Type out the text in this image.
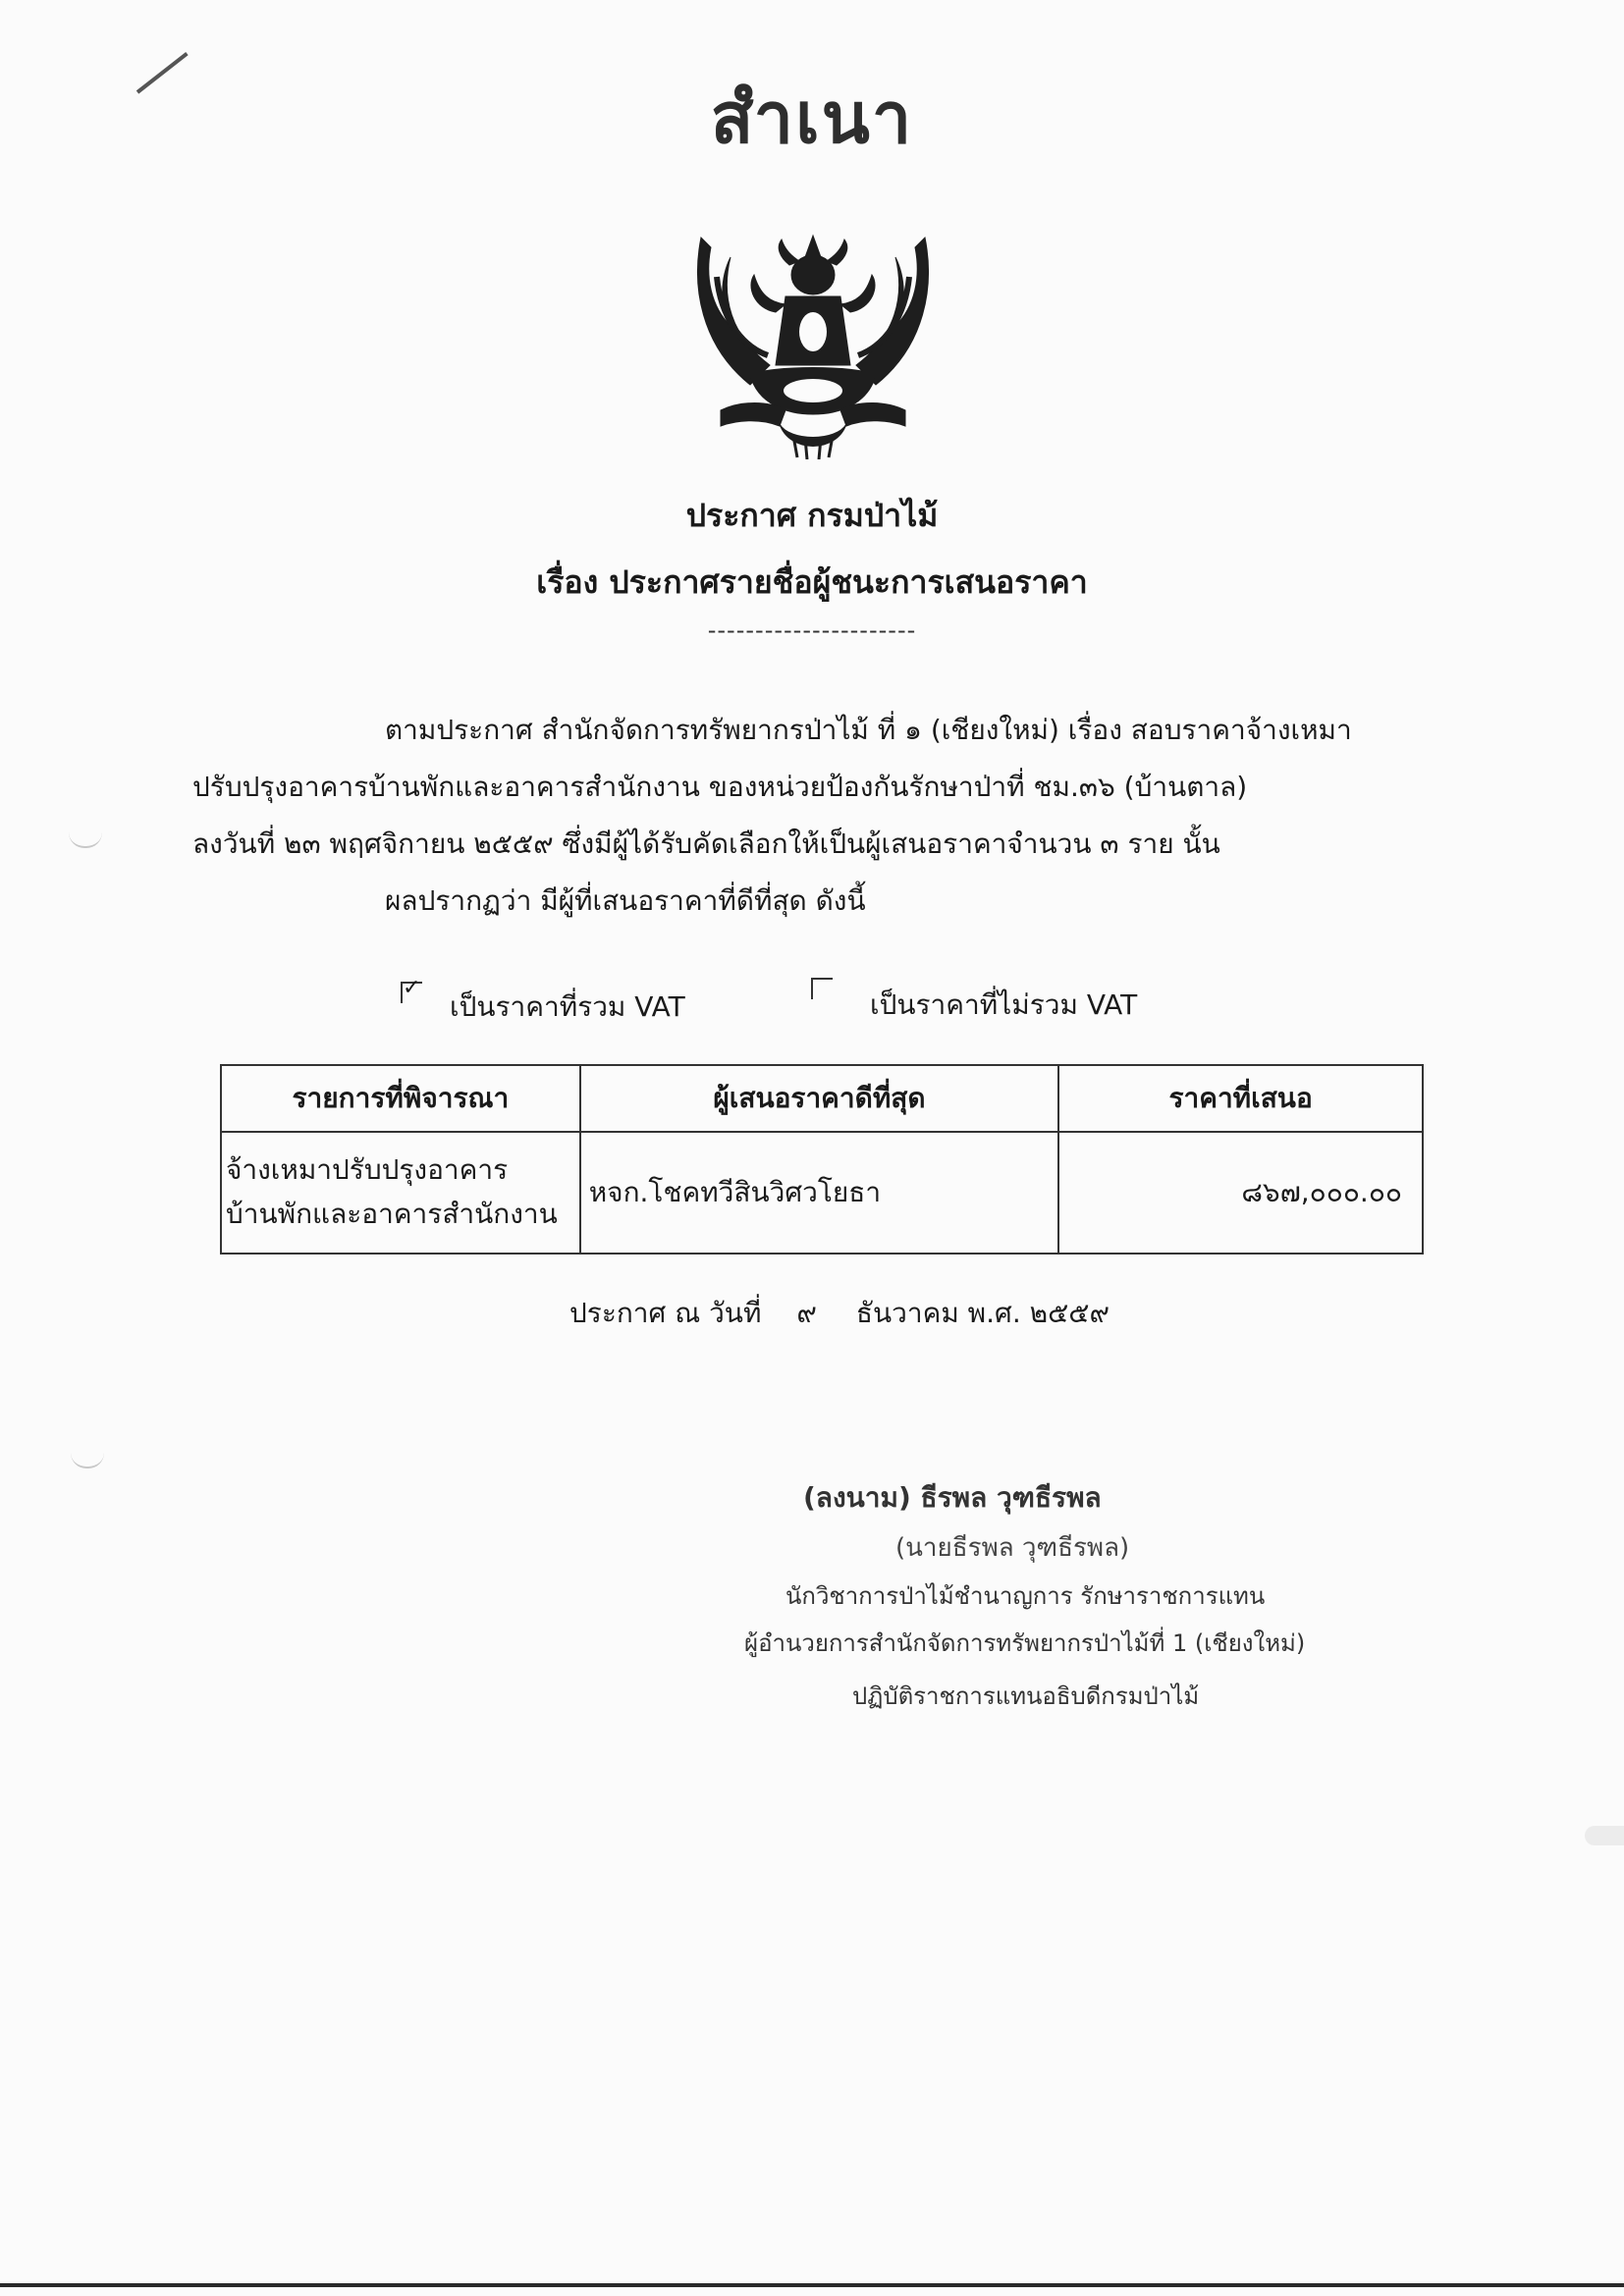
สำเนา
ประกาศ กรมป่าไม้
เรื่อง ประกาศรายชื่อผู้ชนะการเสนอราคา
----------------------
ตามประกาศ สำนักจัดการทรัพยากรป่าไม้ ที่ ๑ (เชียงใหม่) เรื่อง สอบราคาจ้างเหมา
ปรับปรุงอาคารบ้านพักและอาคารสำนักงาน ของหน่วยป้องกันรักษาป่าที่ ชม.๓๖ (บ้านตาล)
ลงวันที่ ๒๓ พฤศจิกายน ๒๕๕๙ ซึ่งมีผู้ได้รับคัดเลือกให้เป็นผู้เสนอราคาจำนวน ๓ ราย นั้น
ผลปรากฏว่า มีผู้ที่เสนอราคาที่ดีที่สุด ดังนี้
✓
เป็นราคาที่รวม VAT	เป็นราคาที่ไม่รวม VAT
รายการที่พิจารณา	ผู้เสนอราคาดีที่สุด	ราคาที่เสนอ

จ้างเหมาปรับปรุงอาคาร
บ้านพักและอาคารสำนักงาน	หจก.โชคทวีสินวิศวโยธา	๘๖๗,๐๐๐.๐๐
ประกาศ ณ วันที่ ๙ ธันวาคม พ.ศ. ๒๕๕๙
(ลงนาม) ธีรพล วุฑธีรพล
(นายธีรพล วุฑธีรพล)
นักวิชาการป่าไม้ชำนาญการ รักษาราชการแทน
ผู้อำนวยการสำนักจัดการทรัพยากรป่าไม้ที่ 1 (เชียงใหม่)
ปฏิบัติราชการแทนอธิบดีกรมป่าไม้
